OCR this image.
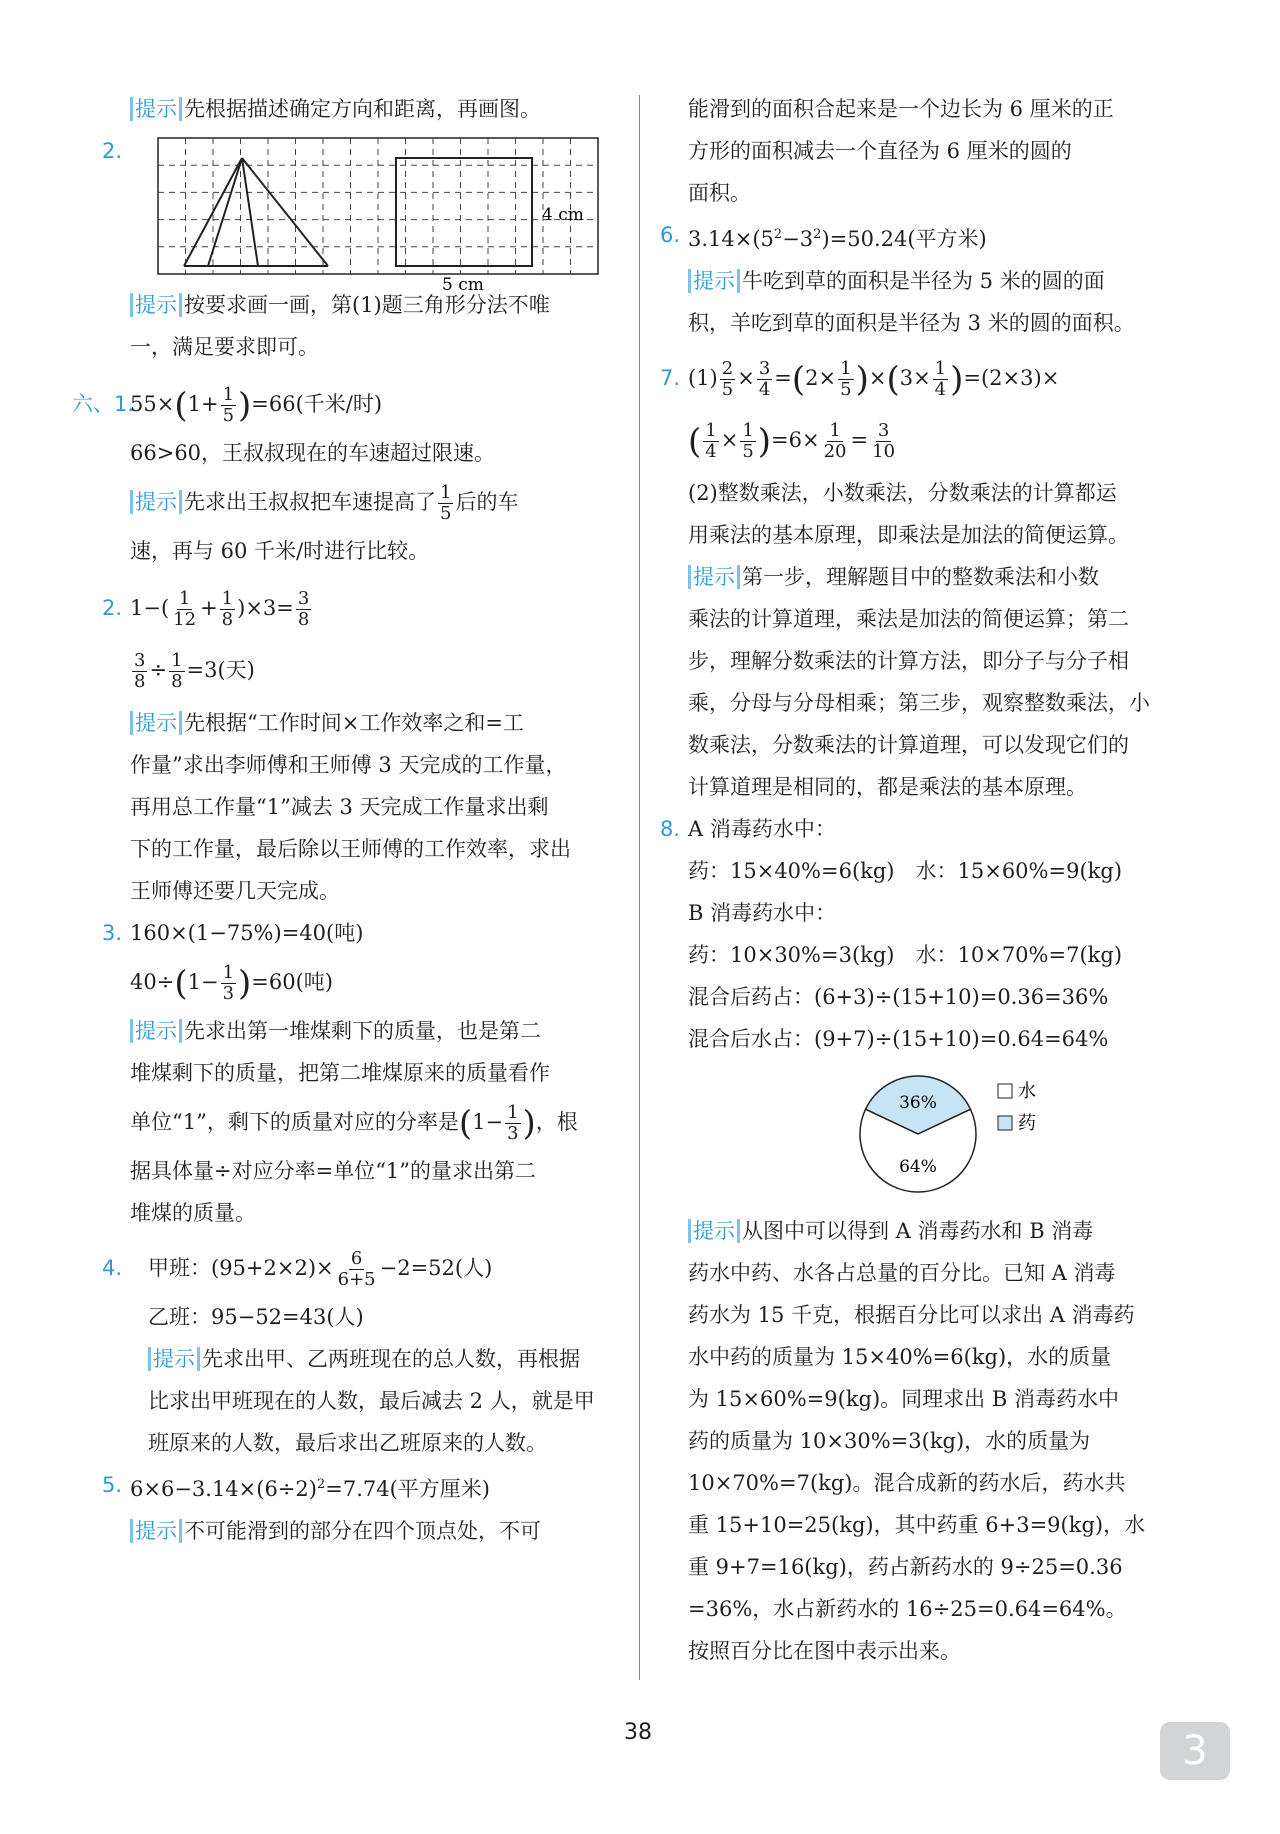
提示 先根据描述确定方向和距离，再画图。
2.
4 cm
5 cm
提示 按要求画一画，第(1)题三角形分法不唯
一，满足要求即可。
六、1.
$55\times(1+ \frac{1}{5} )=66$(千米/时)
66>60，王叔叔现在的车速超过限速。
提示 先求出王叔叔把车速提高了 $\frac{1}{5}$ 后的车
速，再与 60 千米/时进行比较。
2. $1-( \frac{1}{12} + \frac{1}{8} )\times 3= \frac{3}{8}$
$\frac{3}{8} \div \frac{1}{8} =3$(天)
提示 先根据“工作时间×工作效率之和=工
作量”求出李师傅和王师傅 3 天完成的工作量，
再用总工作量“1”减去 3 天完成工作量求出剩
下的工作量，最后除以王师傅的工作效率，求出
王师傅还要几天完成。
3. 160×(1−75%)=40(吨)
$40\div(1- \frac{1}{3} )=60$(吨)
提示 先求出第一堆煤剩下的质量，也是第二
堆煤剩下的质量，把第二堆煤原来的质量看作
单位“1”，剩下的质量对应的分率是($1- \frac{1}{3}$ )，根
据具体量÷对应分率=单位“1”的量求出第二
堆煤的质量。
4. 甲班：$(95+2\times 2)\times \frac{6}{6+5} -2=52$(人)
乙班：95−52=43(人)
提示 先求出甲、乙两班现在的总人数，再根据
比求出甲班现在的人数，最后减去 2 人，就是甲
班原来的人数，最后求出乙班原来的人数。
5. $6\times 6-3.14\times(6\div 2)^2=7.74$(平方厘米)
提示 不可能滑到的部分在四个顶点处，不可
能滑到的面积合起来是一个边长为 6 厘米的正
方形的面积减去一个直径为 6 厘米的圆的
面积。
6. $3.14\times(5^2-3^2)=50.24$(平方米)
提示 牛吃到草的面积是半径为 5 米的圆的面
积，羊吃到草的面积是半径为 3 米的圆的面积。
7. $(1) \frac{2}{5} \times \frac{3}{4} =(2\times \frac{1}{5} )\times(3\times \frac{1}{4} )=(2\times 3)\times$
( $\frac{1}{4} \times \frac{1}{5} )=6\times \frac{1}{20} = \frac{3}{10}$
(2)整数乘法，小数乘法，分数乘法的计算都运
用乘法的基本原理，即乘法是加法的简便运算。
提示 第一步，理解题目中的整数乘法和小数
乘法的计算道理，乘法是加法的简便运算；第二
步，理解分数乘法的计算方法，即分子与分子相
乘，分母与分母相乘；第三步，观察整数乘法，小
数乘法，分数乘法的计算道理，可以发现它们的
计算道理是相同的，都是乘法的基本原理。
8. A 消毒药水中：
药：15×40%=6(kg)　水：15×60%=9(kg)
B 消毒药水中：
药：10×30%=3(kg)　水：10×70%=7(kg)
混合后药占：(6+3)÷(15+10)=0.36=36%
混合后水占：(9+7)÷(15+10)=0.64=64%
36%
64%
水
药
提示 从图中可以得到 A 消毒药水和 B 消毒
药水中药、水各占总量的百分比。已知 A 消毒
药水为 15 千克，根据百分比可以求出 A 消毒药
水中药的质量为 15×40%=6(kg)，水的质量
为 15×60%=9(kg)。同理求出 B 消毒药水中
药的质量为 10×30%=3(kg)，水的质量为
10×70%=7(kg)。混合成新的药水后，药水共
重 15+10=25(kg)，其中药重 6+3=9(kg)，水
重 9+7=16(kg)，药占新药水的 9÷25=0.36
=36%，水占新药水的 16÷25=0.64=64%。
按照百分比在图中表示出来。
38	3
